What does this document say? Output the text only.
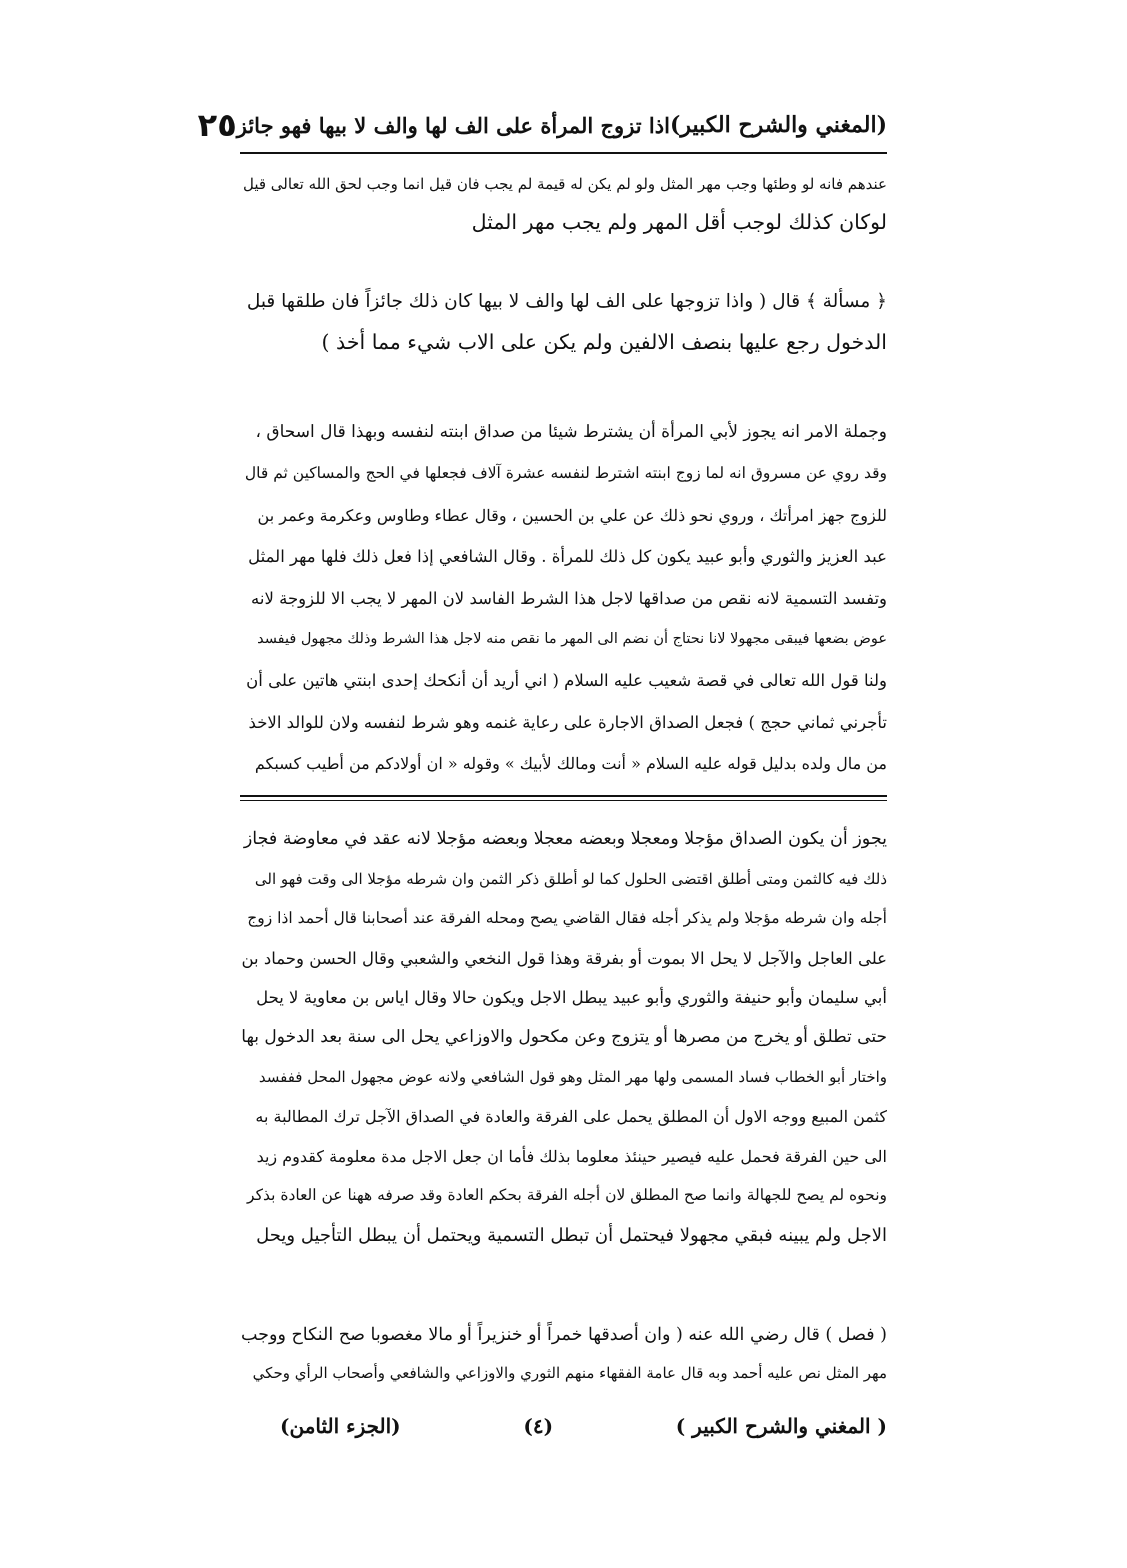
(المغني والشرح الكبير)
اذا تزوج المرأة على الف لها والف لا بيها فهو جائز
٢٥
عندهم فانه لو وطئها وجب مهر المثل ولو لم يكن له قيمة لم يجب فان قيل انما وجب لحق الله تعالى قيل
لوكان كذلك لوجب أقل المهر ولم يجب مهر المثل
﴿ مسألة ﴾ قال ( واذا تزوجها على الف لها والف لا بيها كان ذلك جائزاً فان طلقها قبل
الدخول رجع عليها بنصف الالفين ولم يكن على الاب شيء مما أخذ )
وجملة الامر انه يجوز لأبي المرأة أن يشترط شيئا من صداق ابنته لنفسه وبهذا قال اسحاق ،
وقد روي عن مسروق انه لما زوج ابنته اشترط لنفسه عشرة آلاف فجعلها في الحج والمساكين ثم قال
للزوج جهز امرأتك ، وروي نحو ذلك عن علي بن الحسين ، وقال عطاء وطاوس وعكرمة وعمر بن
عبد العزيز والثوري وأبو عبيد يكون كل ذلك للمرأة . وقال الشافعي إذا فعل ذلك فلها مهر المثل
وتفسد التسمية لانه نقص من صداقها لاجل هذا الشرط الفاسد لان المهر لا يجب الا للزوجة لانه
عوض بضعها فيبقى مجهولا لانا نحتاج أن نضم الى المهر ما نقص منه لاجل هذا الشرط وذلك مجهول فيفسد
ولنا قول الله تعالى في قصة شعيب عليه السلام ( اني أريد أن أنكحك إحدى ابنتي هاتين على أن
تأجرني ثماني حجج ) فجعل الصداق الاجارة على رعاية غنمه وهو شرط لنفسه ولان للوالد الاخذ
من مال ولده بدليل قوله عليه السلام « أنت ومالك لأبيك » وقوله « ان أولادكم من أطيب كسبكم
يجوز أن يكون الصداق مؤجلا ومعجلا وبعضه معجلا وبعضه مؤجلا لانه عقد في معاوضة فجاز
ذلك فيه كالثمن ومتى أطلق اقتضى الحلول كما لو أطلق ذكر الثمن وان شرطه مؤجلا الى وقت فهو الى
أجله وان شرطه مؤجلا ولم يذكر أجله فقال القاضي يصح ومحله الفرقة عند أصحابنا قال أحمد اذا زوج
على العاجل والآجل لا يحل الا بموت أو بفرقة وهذا قول النخعي والشعبي وقال الحسن وحماد بن
أبي سليمان وأبو حنيفة والثوري وأبو عبيد يبطل الاجل ويكون حالا وقال اياس بن معاوية لا يحل
حتى تطلق أو يخرج من مصرها أو يتزوج وعن مكحول والاوزاعي يحل الى سنة بعد الدخول بها
واختار أبو الخطاب فساد المسمى ولها مهر المثل وهو قول الشافعي ولانه عوض مجهول المحل فففسد
كثمن المبيع ووجه الاول أن المطلق يحمل على الفرقة والعادة في الصداق الآجل ترك المطالبة به
الى حين الفرقة فحمل عليه فيصير حينئذ معلوما بذلك فأما ان جعل الاجل مدة معلومة كقدوم زيد
ونحوه لم يصح للجهالة وانما صح المطلق لان أجله الفرقة بحكم العادة وقد صرفه ههنا عن العادة بذكر
الاجل ولم يبينه فبقي مجهولا فيحتمل أن تبطل التسمية ويحتمل أن يبطل التأجيل ويحل
( فصل ) قال رضي الله عنه ( وان أصدقها خمراً أو خنزيراً أو مالا مغصوبا صح النكاح ووجب
مهر المثل نص عليه أحمد وبه قال عامة الفقهاء منهم الثوري والاوزاعي والشافعي وأصحاب الرأي وحكي
( المغني والشرح الكبير )
(٤)
(الجزء الثامن)
